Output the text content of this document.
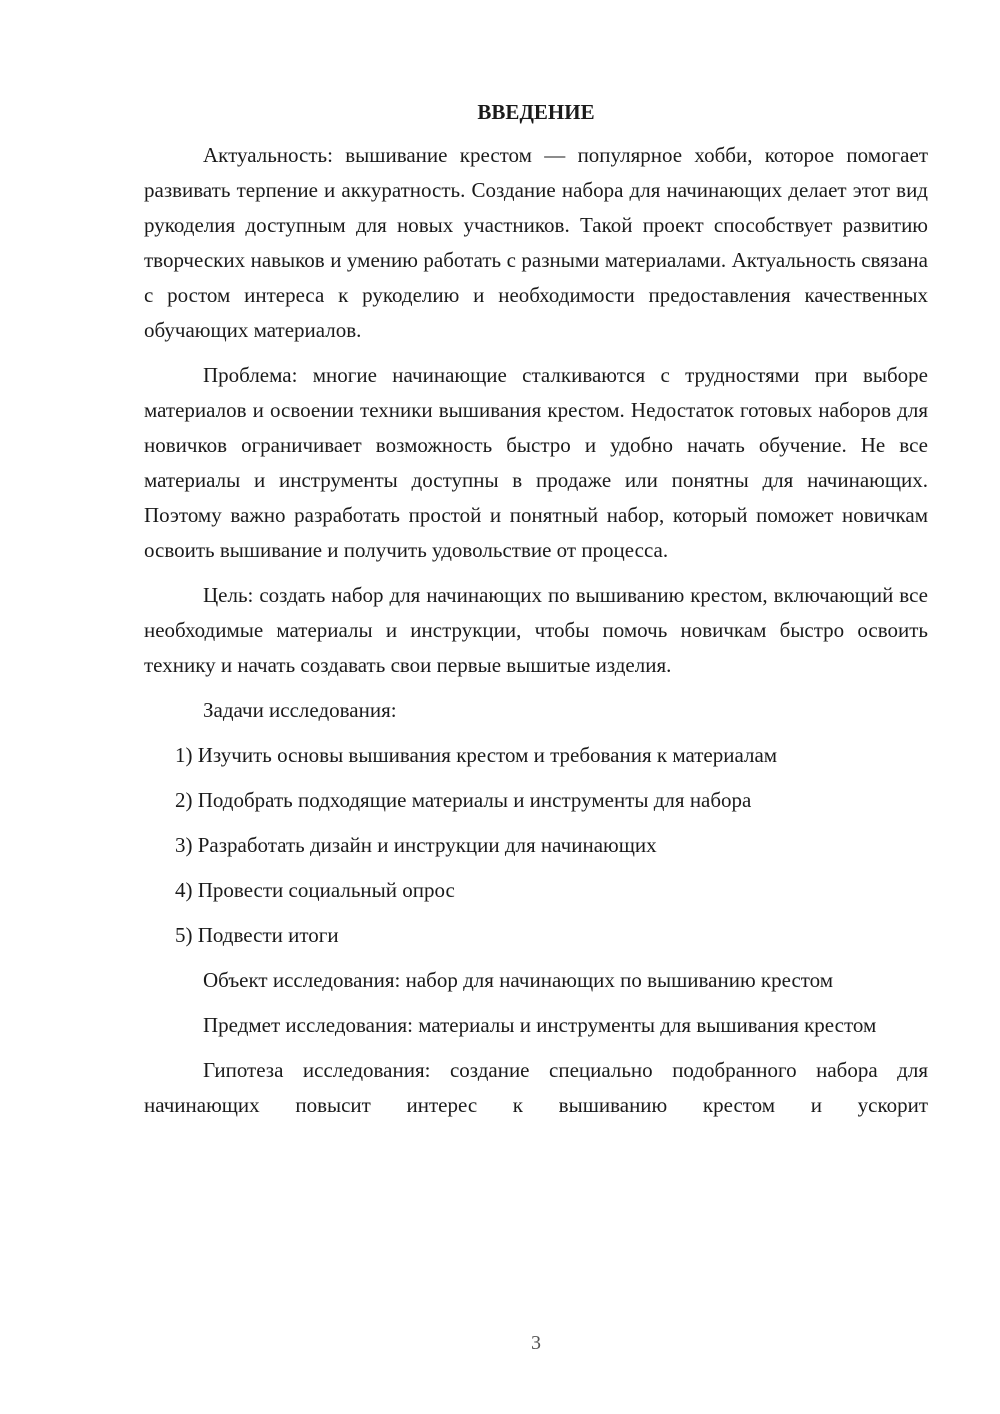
ВВЕДЕНИЕ

Актуальность: вышивание крестом — популярное хобби, которое помогает развивать терпение и аккуратность. Создание набора для начинающих делает этот вид рукоделия доступным для новых участников. Такой проект способствует развитию творческих навыков и умению работать с разными материалами. Актуальность связана с ростом интереса к рукоделию и необходимости предоставления качественных обучающих материалов.

Проблема: многие начинающие сталкиваются с трудностями при выборе материалов и освоении техники вышивания крестом. Недостаток готовых наборов для новичков ограничивает возможность быстро и удобно начать обучение. Не все материалы и инструменты доступны в продаже или понятны для начинающих. Поэтому важно разработать простой и понятный набор, который поможет новичкам освоить вышивание и получить удовольствие от процесса.

Цель: создать набор для начинающих по вышиванию крестом, включающий все необходимые материалы и инструкции, чтобы помочь новичкам быстро освоить технику и начать создавать свои первые вышитые изделия.

Задачи исследования:

1) Изучить основы вышивания крестом и требования к материалам
2) Подобрать подходящие материалы и инструменты для набора
3) Разработать дизайн и инструкции для начинающих
4) Провести социальный опрос
5) Подвести итоги

Объект исследования: набор для начинающих по вышиванию крестом

Предмет исследования: материалы и инструменты для вышивания крестом

Гипотеза исследования: создание специально подобранного набора для начинающих повысит интерес к вышиванию крестом и ускорит

3
